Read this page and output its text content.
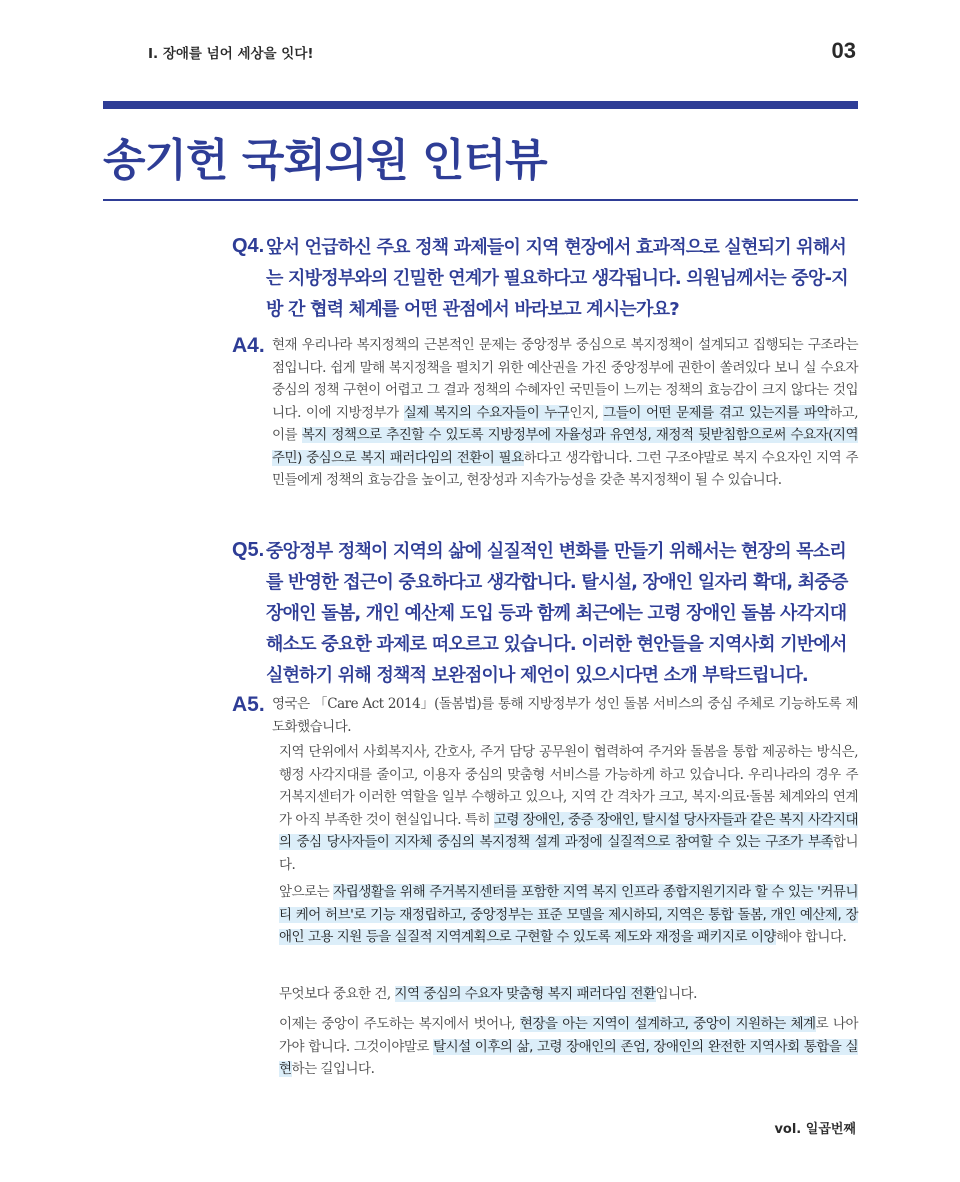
Ⅰ. 장애를 넘어 세상을 잇다!	03
송기헌 국회의원 인터뷰
Q4. 앞서 언급하신 주요 정책 과제들이 지역 현장에서 효과적으로 실현되기 위해서는 지방정부와의 긴밀한 연계가 필요하다고 생각됩니다. 의원님께서는 중앙-지방 간 협력 체계를 어떤 관점에서 바라보고 계시는가요?

A4. 현재 우리나라 복지정책의 근본적인 문제는 중앙정부 중심으로 복지정책이 설계되고 집행되는 구조라는 점입니다. 쉽게 말해 복지정책을 펼치기 위한 예산권을 가진 중앙정부에 권한이 쏠려있다 보니 실 수요자 중심의 정책 구현이 어렵고 그 결과 정책의 수혜자인 국민들이 느끼는 정책의 효능감이 크지 않다는 것입니다. 이에 지방정부가 실제 복지의 수요자들이 누구인지, 그들이 어떤 문제를 겪고 있는지를 파악하고, 이를 복지 정책으로 추진할 수 있도록 지방정부에 자율성과 유연성, 재정적 뒷받침함으로써 수요자(지역주민) 중심으로 복지 패러다임의 전환이 필요하다고 생각합니다. 그런 구조야말로 복지 수요자인 지역 주민들에게 정책의 효능감을 높이고, 현장성과 지속가능성을 갖춘 복지정책이 될 수 있습니다.

Q5. 중앙정부 정책이 지역의 삶에 실질적인 변화를 만들기 위해서는 현장의 목소리를 반영한 접근이 중요하다고 생각합니다. 탈시설, 장애인 일자리 확대, 최중증 장애인 돌봄, 개인 예산제 도입 등과 함께 최근에는 고령 장애인 돌봄 사각지대 해소도 중요한 과제로 떠오르고 있습니다. 이러한 현안들을 지역사회 기반에서 실현하기 위해 정책적 보완점이나 제언이 있으시다면 소개 부탁드립니다.

A5. 영국은 「Care Act 2014」(돌봄법)를 통해 지방정부가 성인 돌봄 서비스의 중심 주체로 기능하도록 제도화했습니다.

지역 단위에서 사회복지사, 간호사, 주거 담당 공무원이 협력하여 주거와 돌봄을 통합 제공하는 방식은, 행정 사각지대를 줄이고, 이용자 중심의 맞춤형 서비스를 가능하게 하고 있습니다. 우리나라의 경우 주거복지센터가 이러한 역할을 일부 수행하고 있으나, 지역 간 격차가 크고, 복지·의료·돌봄 체계와의 연계가 아직 부족한 것이 현실입니다. 특히 고령 장애인, 중증 장애인, 탈시설 당사자들과 같은 복지 사각지대의 중심 당사자들이 지자체 중심의 복지정책 설계 과정에 실질적으로 참여할 수 있는 구조가 부족합니다.

앞으로는 자립생활을 위해 주거복지센터를 포함한 지역 복지 인프라 종합지원기지라 할 수 있는 '커뮤니티 케어 허브'로 기능 재정립하고, 중앙정부는 표준 모델을 제시하되, 지역은 통합 돌봄, 개인 예산제, 장애인 고용 지원 등을 실질적 지역계획으로 구현할 수 있도록 제도와 재정을 패키지로 이양해야 합니다.

무엇보다 중요한 건, 지역 중심의 수요자 맞춤형 복지 패러다임 전환입니다.

이제는 중앙이 주도하는 복지에서 벗어나, 현장을 아는 지역이 설계하고, 중앙이 지원하는 체계로 나아가야 합니다. 그것이야말로 탈시설 이후의 삶, 고령 장애인의 존엄, 장애인의 완전한 지역사회 통합을 실현하는 길입니다.

vol. 일곱번째
